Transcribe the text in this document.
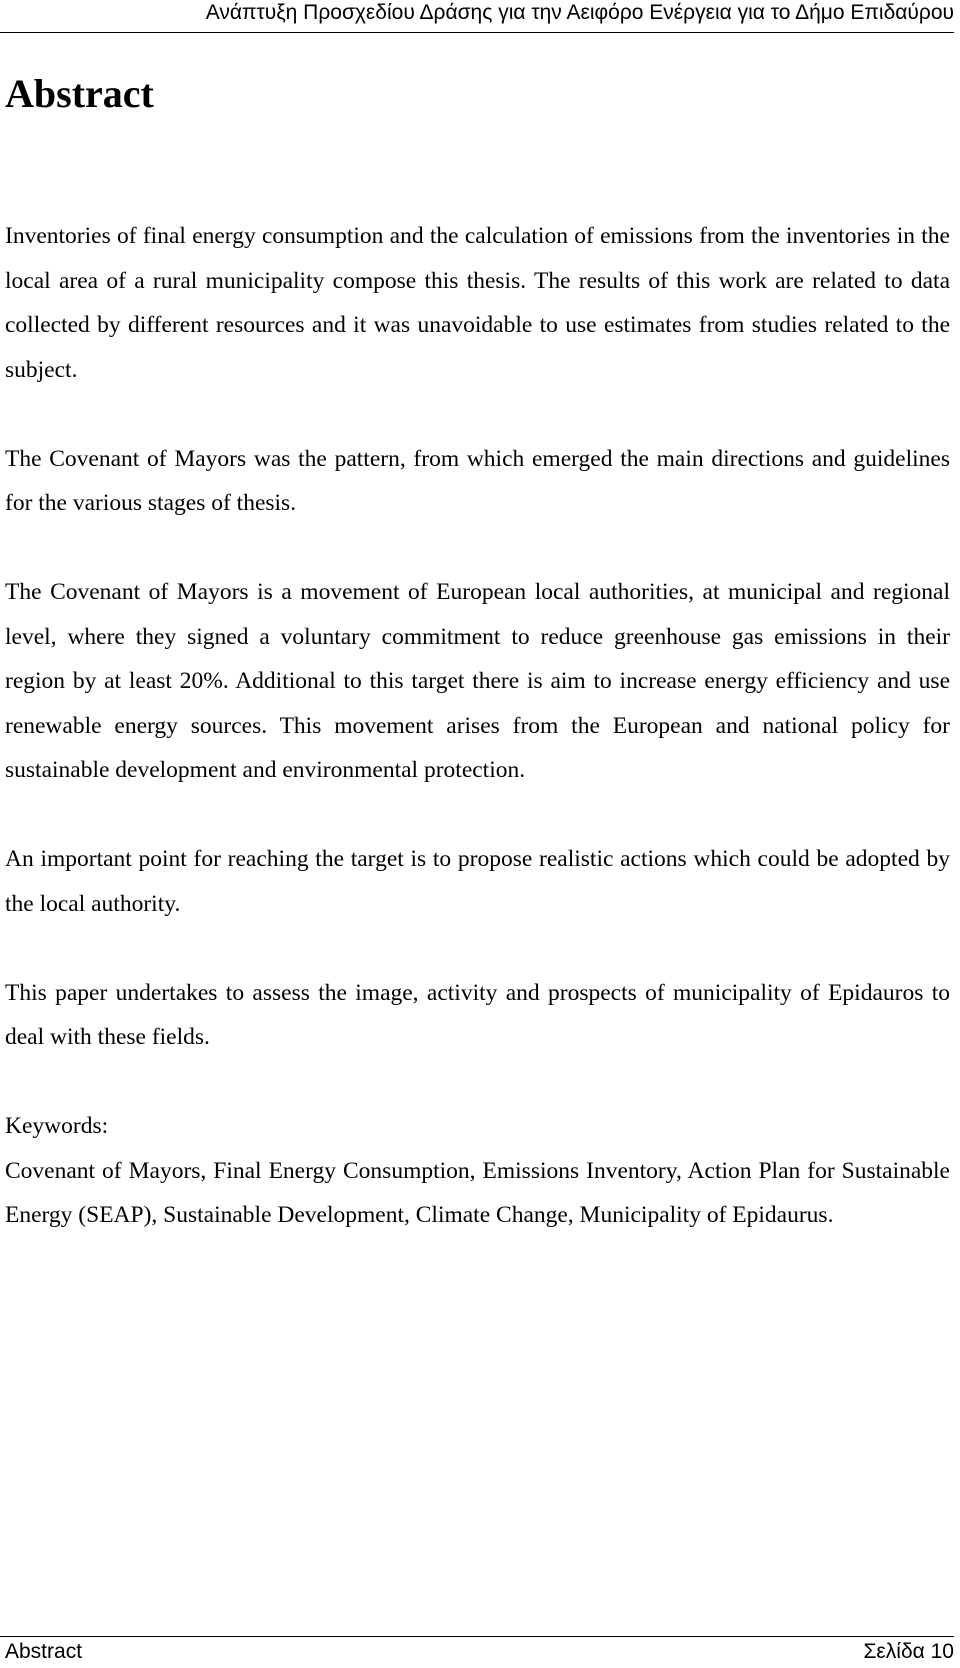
Ανάπτυξη Προσχεδίου Δράσης για την Αειφόρο Ενέργεια για το Δήμο Επιδαύρου
Abstract

Inventories of final energy consumption and the calculation of emissions from the inventories in the local area of a rural municipality compose this thesis. The results of this work are related to data collected by different resources and it was unavoidable to use estimates from studies related to the subject.

The Covenant of Mayors was the pattern, from which emerged the main directions and guidelines for the various stages of thesis.

The Covenant of Mayors is a movement of European local authorities, at municipal and regional level, where they signed a voluntary commitment to reduce greenhouse gas emissions in their region by at least 20%. Additional to this target there is aim to increase energy efficiency and use renewable energy sources. This movement arises from the European and national policy for sustainable development and environmental protection.

An important point for reaching the target is to propose realistic actions which could be adopted by the local authority.

This paper undertakes to assess the image, activity and prospects of municipality of Epidauros to deal with these fields.

Keywords:

Covenant of Mayors, Final Energy Consumption, Emissions Inventory, Action Plan for Sustainable Energy (SEAP), Sustainable Development, Climate Change, Municipality of Epidaurus.

Abstract	Σελίδα 10
